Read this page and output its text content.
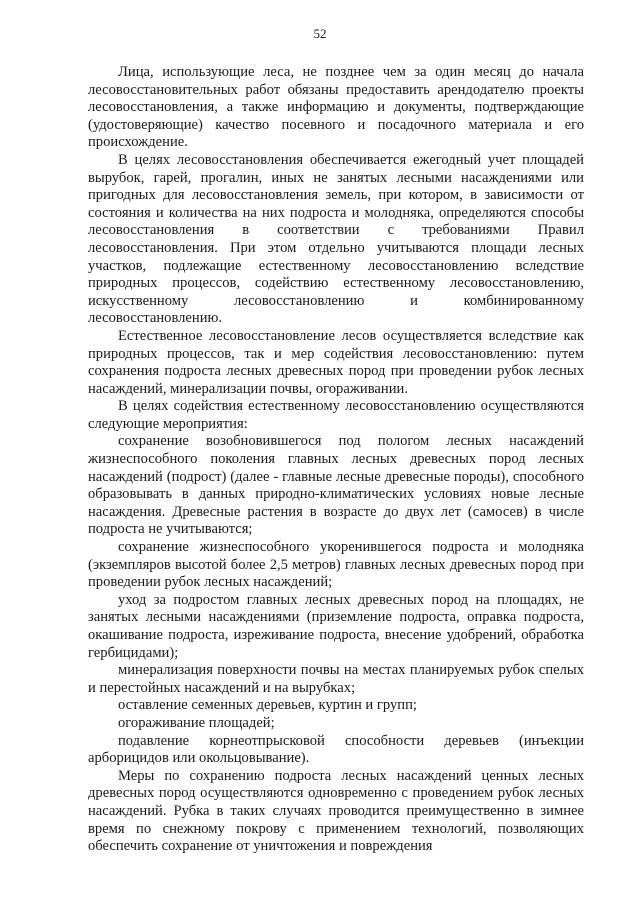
52

Лица, использующие леса, не позднее чем за один месяц до начала лесовосстановительных работ обязаны предоставить арендодателю проекты лесовосстановления, а также информацию и документы, подтверждающие (удостоверяющие) качество посевного и посадочного материала и его происхождение.

В целях лесовосстановления обеспечивается ежегодный учет площадей вырубок, гарей, прогалин, иных не занятых лесными насаждениями или пригодных для лесовосстановления земель, при котором, в зависимости от состояния и количества на них подроста и молодняка, определяются способы лесовосстановления в соответствии с требованиями Правил лесовосстановления. При этом отдельно учитываются площади лесных участков, подлежащие естественному лесовосстановлению вследствие природных процессов, содействию естественному лесовосстановлению, искусственному лесовосстановлению и комбинированному лесовосстановлению.

Естественное лесовосстановление лесов осуществляется вследствие как природных процессов, так и мер содействия лесовосстановлению: путем сохранения подроста лесных древесных пород при проведении рубок лесных насаждений, минерализации почвы, огораживании.

В целях содействия естественному лесовосстановлению осуществляются следующие мероприятия:

сохранение возобновившегося под пологом лесных насаждений жизнеспособного поколения главных лесных древесных пород лесных насаждений (подрост) (далее - главные лесные древесные породы), способного образовывать в данных природно-климатических условиях новые лесные насаждения. Древесные растения в возрасте до двух лет (самосев) в числе подроста не учитываются;

сохранение жизнеспособного укоренившегося подроста и молодняка (экземпляров высотой более 2,5 метров) главных лесных древесных пород при проведении рубок лесных насаждений;

уход за подростом главных лесных древесных пород на площадях, не занятых лесными насаждениями (приземление подроста, оправка подроста, окашивание подроста, изреживание подроста, внесение удобрений, обработка гербицидами);

минерализация поверхности почвы на местах планируемых рубок спелых и перестойных насаждений и на вырубках;

оставление семенных деревьев, куртин и групп;

огораживание площадей;

подавление корнеотпрысковой способности деревьев (инъекции арборицидов или окольцовывание).

Меры по сохранению подроста лесных насаждений ценных лесных древесных пород осуществляются одновременно с проведением рубок лесных насаждений. Рубка в таких случаях проводится преимущественно в зимнее время по снежному покрову с применением технологий, позволяющих обеспечить сохранение от уничтожения и повреждения
